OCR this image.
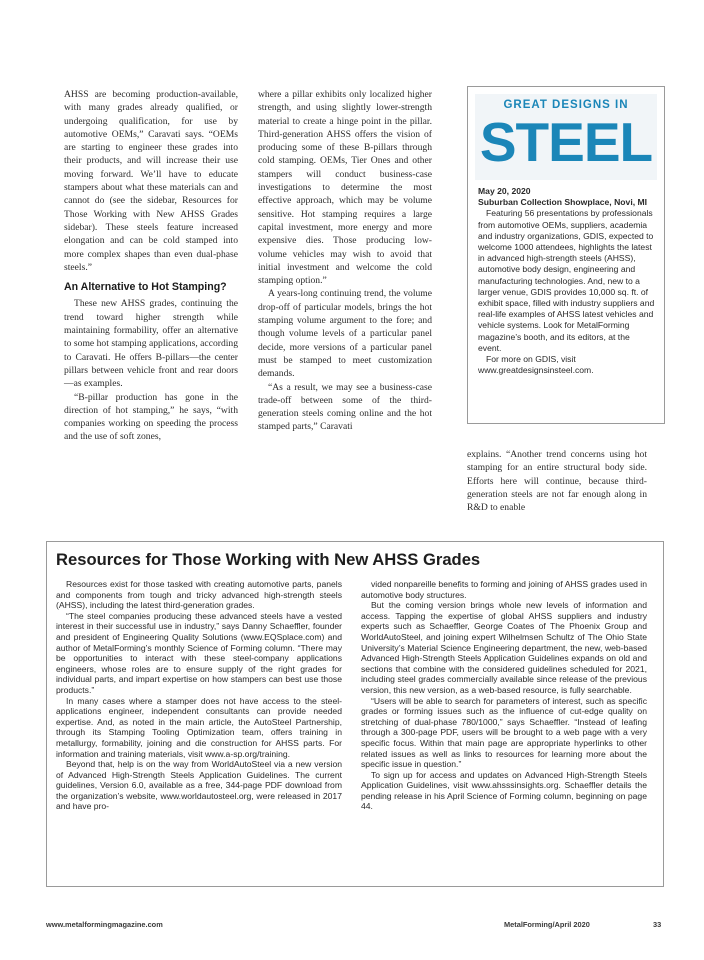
AHSS are becoming production-available, with many grades already qualified, or undergoing qualification, for use by automotive OEMs,” Caravati says. “OEMs are starting to engineer these grades into their products, and will increase their use moving forward. We’ll have to educate stampers about what these materials can and cannot do (see the sidebar, Resources for Those Working with New AHSS Grades sidebar). These steels feature increased elongation and can be cold stamped into more complex shapes than even dual-phase steels.”

An Alternative to Hot Stamping?

These new AHSS grades, continuing the trend toward higher strength while maintaining formability, offer an alternative to some hot stamping applications, according to Caravati. He offers B-pillars—the center pillars between vehicle front and rear doors—as examples.

“B-pillar production has gone in the direction of hot stamping,” he says, “with companies working on speeding the process and the use of soft zones,

where a pillar exhibits only localized higher strength, and using slightly lower-strength material to create a hinge point in the pillar. Third-generation AHSS offers the vision of producing some of these B-pillars through cold stamping. OEMs, Tier Ones and other stampers will conduct business-case investigations to determine the most effective approach, which may be volume sensitive. Hot stamping requires a large capital investment, more energy and more expensive dies. Those producing low-volume vehicles may wish to avoid that initial investment and welcome the cold stamping option.”

A years-long continuing trend, the volume drop-off of particular models, brings the hot stamping volume argument to the fore; and though volume levels of a particular panel decide, more versions of a particular panel must be stamped to meet customization demands.

“As a result, we may see a business-case trade-off between some of the third-generation steels coming online and the hot stamped parts,” Caravati

GREAT DESIGNS IN
STEEL

May 20, 2020

Suburban Collection Showplace, Novi, MI

Featuring 56 presentations by professionals from automotive OEMs, suppliers, academia and industry organizations, GDIS, expected to welcome 1000 attendees, highlights the latest in advanced high-strength steels (AHSS), automotive body design, engineering and manufacturing technologies. And, new to a larger venue, GDIS provides 10,000 sq. ft. of exhibit space, filled with industry suppliers and real-life examples of AHSS latest vehicles and vehicle systems. Look for MetalForming magazine’s booth, and its editors, at the event.

For more on GDIS, visit

www.greatdesignsinsteel.com.

explains. “Another trend concerns using hot stamping for an entire structural body side. Efforts here will continue, because third-generation steels are not far enough along in R&D to enable

Resources for Those Working with New AHSS Grades

Resources exist for those tasked with creating automotive parts, panels and components from tough and tricky advanced high-strength steels (AHSS), including the latest third-generation grades.

“The steel companies producing these advanced steels have a vested interest in their successful use in industry,” says Danny Schaeffler, founder and president of Engineering Quality Solutions (www.EQSplace.com) and author of MetalForming’s monthly Science of Forming column. “There may be opportunities to interact with these steel-company applications engineers, whose roles are to ensure supply of the right grades for individual parts, and impart expertise on how stampers can best use those products.”

In many cases where a stamper does not have access to the steel-applications engineer, independent consultants can provide needed expertise. And, as noted in the main article, the AutoSteel Partnership, through its Stamping Tooling Optimization team, offers training in metallurgy, formability, joining and die construction for AHSS parts. For information and training materials, visit www.a-sp.org/training.

Beyond that, help is on the way from WorldAutoSteel via a new version of Advanced High-Strength Steels Application Guidelines. The current guidelines, Version 6.0, available as a free, 344-page PDF download from the organization’s website, www.worldautosteel.org, were released in 2017 and have pro-

vided nonpareille benefits to forming and joining of AHSS grades used in automotive body structures.

But the coming version brings whole new levels of information and access. Tapping the expertise of global AHSS suppliers and industry experts such as Schaeffler, George Coates of The Phoenix Group and WorldAutoSteel, and joining expert Wilhelmsen Schultz of The Ohio State University’s Material Science Engineering department, the new, web-based Advanced High-Strength Steels Application Guidelines expands on old and sections that combine with the considered guidelines scheduled for 2021, including steel grades commercially available since release of the previous version, this new version, as a web-based resource, is fully searchable.

“Users will be able to search for parameters of interest, such as specific grades or forming issues such as the influence of cut-edge quality on stretching of dual-phase 780/1000,” says Schaeffler. “Instead of leafing through a 300-page PDF, users will be brought to a web page with a very specific focus. Within that main page are appropriate hyperlinks to other related issues as well as links to resources for learning more about the specific issue in question.”

To sign up for access and updates on Advanced High-Strength Steels Application Guidelines, visit www.ahsssinsights.org. Schaeffler details the pending release in his April Science of Forming column, beginning on page 44.

www.metalformingmagazine.com	MetalForming/April 2020	33
